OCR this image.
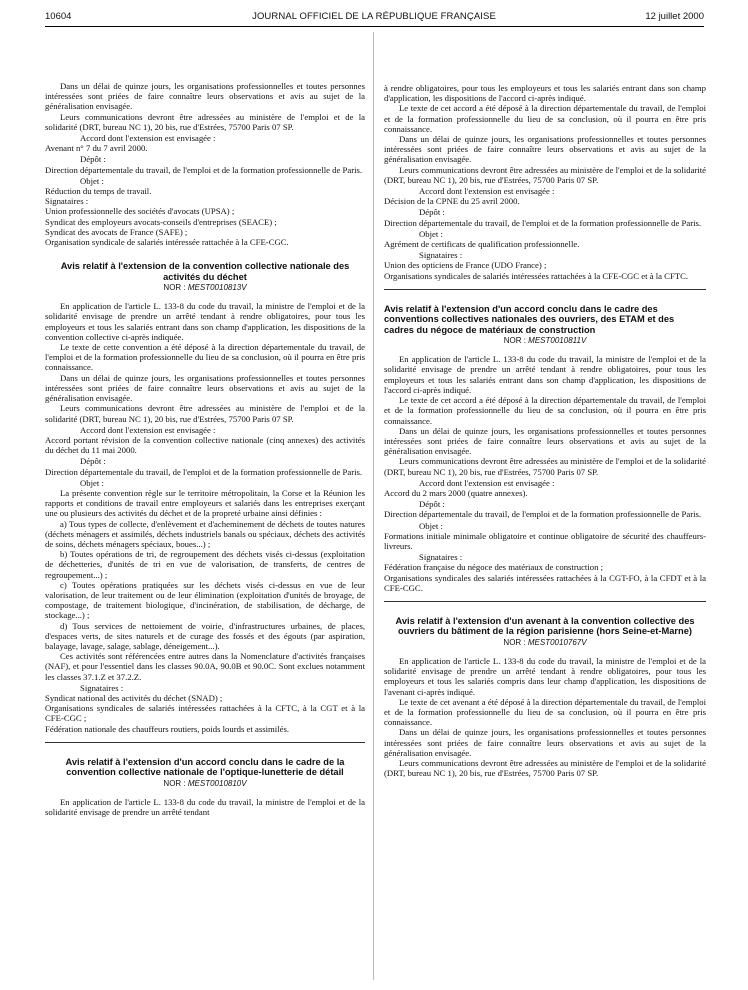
10604	JOURNAL OFFICIEL DE LA RÉPUBLIQUE FRANÇAISE	12 juillet 2000

Dans un délai de quinze jours, les organisations professionnelles et toutes personnes intéressées sont priées de faire connaître leurs observations et avis au sujet de la généralisation envisagée.

Leurs communications devront être adressées au ministère de l'emploi et de la solidarité (DRT, bureau NC 1), 20 bis, rue d'Estrées, 75700 Paris 07 SP.

Accord dont l'extension est envisagée :

Avenant n° 7 du 7 avril 2000.

Dépôt :

Direction départementale du travail, de l'emploi et de la formation professionnelle de Paris.

Objet :

Réduction du temps de travail.

Signataires :

Union professionnelle des sociétés d'avocats (UPSA) ;

Syndicat des employeurs avocats-conseils d'entreprises (SEACE) ;

Syndicat des avocats de France (SAFE) ;

Organisation syndicale de salariés intéressée rattachée à la CFE-CGC.

Avis relatif à l'extension de la convention collective nationale des activités du déchet
NOR : MEST0010813V

En application de l'article L. 133-8 du code du travail, la ministre de l'emploi et de la solidarité envisage de prendre un arrêté tendant à rendre obligatoires, pour tous les employeurs et tous les salariés entrant dans son champ d'application, les dispositions de la convention collective ci-après indiquée.

Le texte de cette convention a été déposé à la direction départementale du travail, de l'emploi et de la formation professionnelle du lieu de sa conclusion, où il pourra en être pris connaissance.

Dans un délai de quinze jours, les organisations professionnelles et toutes personnes intéressées sont priées de faire connaître leurs observations et avis au sujet de la généralisation envisagée.

Leurs communications devront être adressées au ministère de l'emploi et de la solidarité (DRT, bureau NC 1), 20 bis, rue d'Estrées, 75700 Paris 07 SP.

Accord dont l'extension est envisagée :

Accord portant révision de la convention collective nationale (cinq annexes) des activités du déchet du 11 mai 2000.

Dépôt :

Direction départementale du travail, de l'emploi et de la formation professionnelle de Paris.

Objet :

La présente convention règle sur le territoire métropolitain, la Corse et la Réunion les rapports et conditions de travail entre employeurs et salariés dans les entreprises exerçant une ou plusieurs des activités du déchet et de la propreté urbaine ainsi définies :

a) Tous types de collecte, d'enlèvement et d'acheminement de déchets de toutes natures (déchets ménagers et assimilés, déchets industriels banals ou spéciaux, déchets des activités de soins, déchets ménagers spéciaux, boues...) ;

b) Toutes opérations de tri, de regroupement des déchets visés ci-dessus (exploitation de déchetteries, d'unités de tri en vue de valorisation, de transferts, de centres de regroupement...) ;

c) Toutes opérations pratiquées sur les déchets visés ci-dessus en vue de leur valorisation, de leur traitement ou de leur élimination (exploitation d'unités de broyage, de compostage, de traitement biologique, d'incinération, de stabilisation, de décharge, de stockage...) ;

d) Tous services de nettoiement de voirie, d'infrastructures urbaines, de places, d'espaces verts, de sites naturels et de curage des fossés et des égouts (par aspiration, balayage, lavage, salage, sablage, déneigement...).

Ces activités sont référencées entre autres dans la Nomenclature d'activités françaises (NAF), et pour l'essentiel dans les classes 90.0A, 90.0B et 90.0C. Sont exclues notamment les classes 37.1.Z et 37.2.Z.

Signataires :

Syndicat national des activités du déchet (SNAD) ;

Organisations syndicales de salariés intéressées rattachées à la CFTC, à la CGT et à la CFE-CGC ;

Fédération nationale des chauffeurs routiers, poids lourds et assimilés.

Avis relatif à l'extension d'un accord conclu dans le cadre de la convention collective nationale de l'optique-lunetterie de détail
NOR : MEST0010810V

En application de l'article L. 133-8 du code du travail, la ministre de l'emploi et de la solidarité envisage de prendre un arrêté tendant

à rendre obligatoires, pour tous les employeurs et tous les salariés entrant dans son champ d'application, les dispositions de l'accord ci-après indiqué.

Le texte de cet accord a été déposé à la direction départementale du travail, de l'emploi et de la formation professionnelle du lieu de sa conclusion, où il pourra en être pris connaissance.

Dans un délai de quinze jours, les organisations professionnelles et toutes personnes intéressées sont priées de faire connaître leurs observations et avis au sujet de la généralisation envisagée.

Leurs communications devront être adressées au ministère de l'emploi et de la solidarité (DRT, bureau NC 1), 20 bis, rue d'Estrées, 75700 Paris 07 SP.

Accord dont l'extension est envisagée :

Décision de la CPNE du 25 avril 2000.

Dépôt :

Direction départementale du travail, de l'emploi et de la formation professionnelle de Paris.

Objet :

Agrément de certificats de qualification professionnelle.

Signataires :

Union des opticiens de France (UDO France) ;

Organisations syndicales de salariés intéressées rattachées à la CFE-CGC et à la CFTC.

Avis relatif à l'extension d'un accord conclu dans le cadre des conventions collectives nationales des ouvriers, des ETAM et des cadres du négoce de matériaux de construction
NOR : MEST0010811V

En application de l'article L. 133-8 du code du travail, la ministre de l'emploi et de la solidarité envisage de prendre un arrêté tendant à rendre obligatoires, pour tous les employeurs et tous les salariés entrant dans son champ d'application, les dispositions de l'accord ci-après indiqué.

Le texte de cet accord a été déposé à la direction départementale du travail, de l'emploi et de la formation professionnelle du lieu de sa conclusion, où il pourra en être pris connaissance.

Dans un délai de quinze jours, les organisations professionnelles et toutes personnes intéressées sont priées de faire connaître leurs observations et avis au sujet de la généralisation envisagée.

Leurs communications devront être adressées au ministère de l'emploi et de la solidarité (DRT, bureau NC 1), 20 bis, rue d'Estrées, 75700 Paris 07 SP.

Accord dont l'extension est envisagée :

Accord du 2 mars 2000 (quatre annexes).

Dépôt :

Direction départementale du travail, de l'emploi et de la formation professionnelle de Paris.

Objet :

Formations initiale minimale obligatoire et continue obligatoire de sécurité des chauffeurs-livreurs.

Signataires :

Fédération française du négoce des matériaux de construction ;

Organisations syndicales des salariés intéressées rattachées à la CGT-FO, à la CFDT et à la CFE-CGC.

Avis relatif à l'extension d'un avenant à la convention collective des ouvriers du bâtiment de la région parisienne (hors Seine-et-Marne)
NOR : MEST0010767V

En application de l'article L. 133-8 du code du travail, la ministre de l'emploi et de la solidarité envisage de prendre un arrêté tendant à rendre obligatoires, pour tous les employeurs et tous les salariés compris dans leur champ d'application, les dispositions de l'avenant ci-après indiqué.

Le texte de cet avenant a été déposé à la direction départementale du travail, de l'emploi et de la formation professionnelle du lieu de sa conclusion, où il pourra en être pris connaissance.

Dans un délai de quinze jours, les organisations professionnelles et toutes personnes intéressées sont priées de faire connaître leurs observations et avis au sujet de la généralisation envisagée.

Leurs communications devront être adressées au ministère de l'emploi et de la solidarité (DRT, bureau NC 1), 20 bis, rue d'Estrées, 75700 Paris 07 SP.
